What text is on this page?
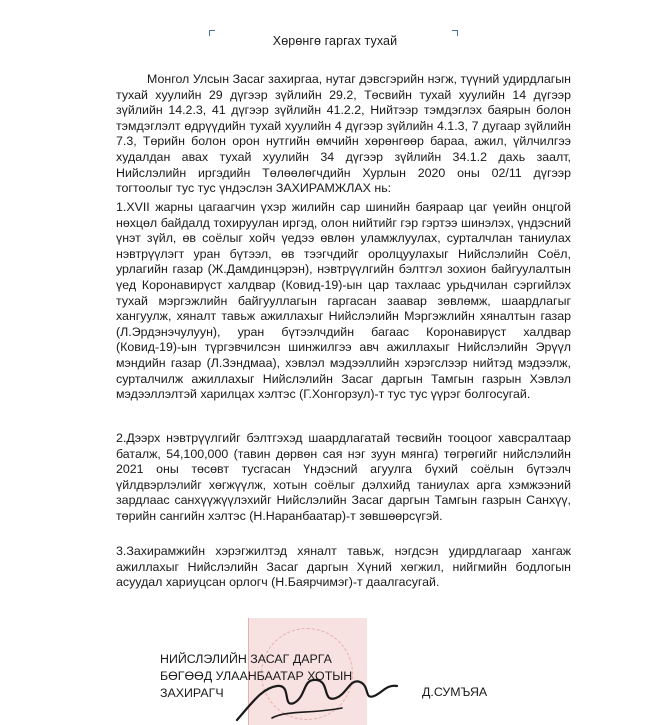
Хөрөнгө гаргах тухай
Монгол Улсын Засаг захиргаа, нутаг дэвсгэрийн нэгж, түүний удирдлагын тухай хуулийн 29 дүгээр зүйлийн 29.2, Төсвийн тухай хуулийн 14 дүгээр зүйлийн 14.2.3, 41 дүгээр зүйлийн 41.2.2, Нийтээр тэмдэглэх баярын болон тэмдэглэлт өдрүүдийн тухай хуулийн 4 дүгээр зүйлийн 4.1.3, 7 дугаар зүйлийн 7.3, Төрийн болон орон нутгийн өмчийн хөрөнгөөр бараа, ажил, үйлчилгээ худалдан авах тухай хуулийн 34 дүгээр зүйлийн 34.1.2 дахь заалт, Нийслэлийн иргэдийн Төлөөлөгчдийн Хурлын 2020 оны 02/11 дүгээр тогтоолыг тус тус үндэслэн ЗАХИРАМЖЛАХ нь:
1.XVII жарны цагаагчин үхэр жилийн сар шинийн баяраар цаг үеийн онцгой нөхцөл байдалд тохируулан иргэд, олон нийтийг гэр гэртээ шинэлэх, үндэсний үнэт зүйл, өв соёлыг хойч үедээ өвлөн уламжлуулах, сурталчлан таниулах нэвтрүүлэгт уран бүтээл, өв тээгчдийг оролцуулахыг Нийслэлийн Соёл, урлагийн газар (Ж.Дамдинцэрэн), нэвтрүүлгийн бэлтгэл зохион байгуулалтын үед Коронавирүст халдвар (Ковид-19)-ын цар тахлаас урьдчилан сэргийлэх тухай мэргэжлийн байгууллагын гаргасан заавар зөвлөмж, шаардлагыг хангуулж, хяналт тавьж ажиллахыг Нийслэлийн Мэргэжлийн хяналтын газар (Л.Эрдэнэчулуун), уран бүтээлчдийн багаас Коронавирүст халдвар (Ковид-19)-ын түргэвчилсэн шинжилгээ авч ажиллахыг Нийслэлийн Эрүүл мэндийн газар (Л.Зэндмаа), хэвлэл мэдээллийн хэрэгслээр нийтэд мэдээлж, сурталчилж ажиллахыг Нийслэлийн Засаг даргын Тамгын газрын Хэвлэл мэдээллэлтэй харилцах хэлтэс (Г.Хонгорзул)-т тус тус үүрэг болгосугай.
2.Дээрх нэвтрүүлгийг бэлтгэхэд шаардлагатай төсвийн тооцоог хавсралтаар баталж, 54,100,000 (тавин дөрвөн сая нэг зуун мянга) төгрөгийг нийслэлийн 2021 оны төсөвт тусгасан Үндэсний агуулга бүхий соёлын бүтээлч үйлдвэрлэлийг хөгжүүлж, хотын соёлыг дэлхийд таниулах арга хэмжээний зардлаас санхүүжүүлэхийг Нийслэлийн Засаг даргын Тамгын газрын Санхүү, төрийн сангийн хэлтэс (Н.Наранбаатар)-т зөвшөөрсүгэй.
3.Захирамжийн хэрэгжилтэд хяналт тавьж, нэгдсэн удирдлагаар хангаж ажиллахыг Нийслэлийн Засаг даргын Хүний хөгжил, нийгмийн бодлогын асуудал хариуцсан орлогч (Н.Баярчимэг)-т даалгасугай.
НИЙСЛЭЛИЙН ЗАСАГ ДАРГА
БӨГӨӨД УЛААНБААТАР ХОТЫН
ЗАХИРАГЧ	Д.СУМЪЯА
